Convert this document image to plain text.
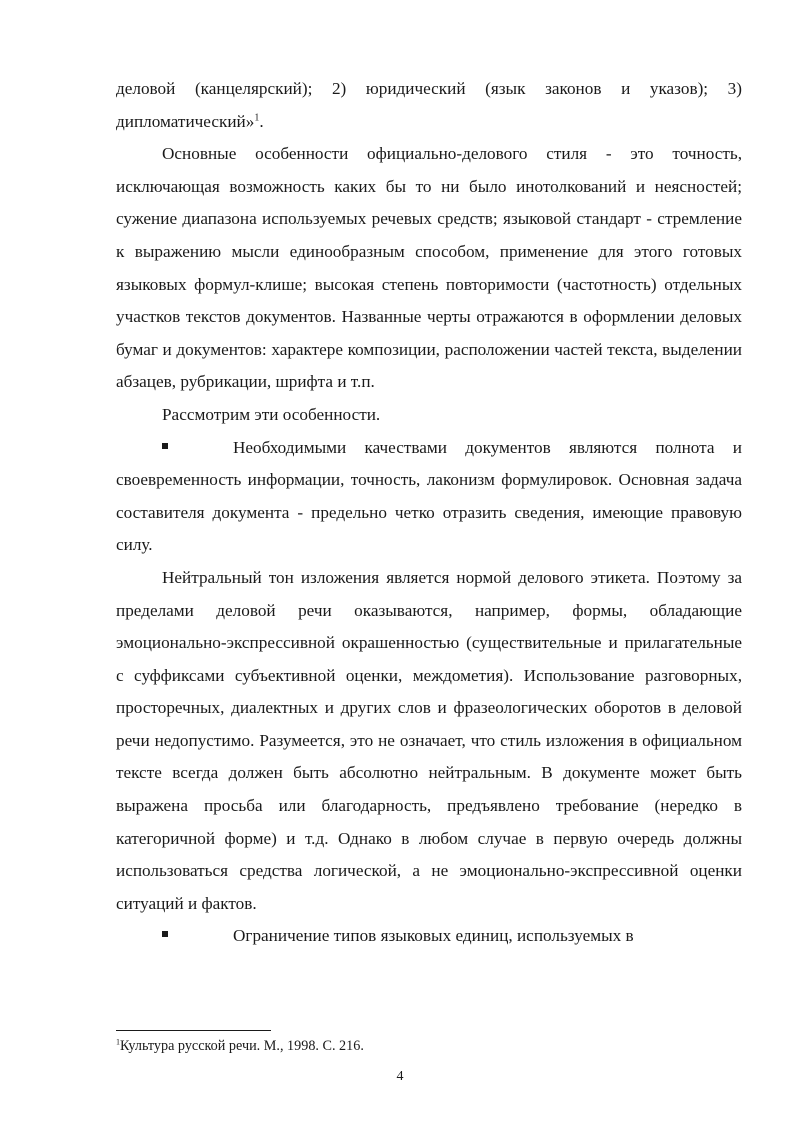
деловой (канцелярский); 2) юридический (язык законов и указов); 3) дипломатический»$^1$.

Основные особенности официально-делового стиля - это точность, исключающая возможность каких бы то ни было инотолкований и неясностей; сужение диапазона используемых речевых средств; языковой стандарт - стремление к выражению мысли единообразным способом, применение для этого готовых языковых формул-клише; высокая степень повторимости (частотность) отдельных участков текстов документов. Названные черты отражаются в оформлении деловых бумаг и документов: характере композиции, расположении частей текста, выделении абзацев, рубрикации, шрифта и т.п.

Рассмотрим эти особенности.

Необходимыми качествами документов являются полнота и своевременность информации, точность, лаконизм формулировок. Основная задача составителя документа - предельно четко отразить сведения, имеющие правовую силу.

Нейтральный тон изложения является нормой делового этикета. Поэтому за пределами деловой речи оказываются, например, формы, обладающие эмоционально-экспрессивной окрашенностью (существительные и прилагательные с суффиксами субъективной оценки, междометия). Использование разговорных, просторечных, диалектных и других слов и фразеологических оборотов в деловой речи недопустимо. Разумеется, это не означает, что стиль изложения в официальном тексте всегда должен быть абсолютно нейтральным. В документе может быть выражена просьба или благодарность, предъявлено требование (нередко в категоричной форме) и т.д. Однако в любом случае в первую очередь должны использоваться средства логической, а не эмоционально-экспрессивной оценки ситуаций и фактов.

Ограничение типов языковых единиц, используемых в

$^1$Культура русской речи. М., 1998. С. 216.
4
